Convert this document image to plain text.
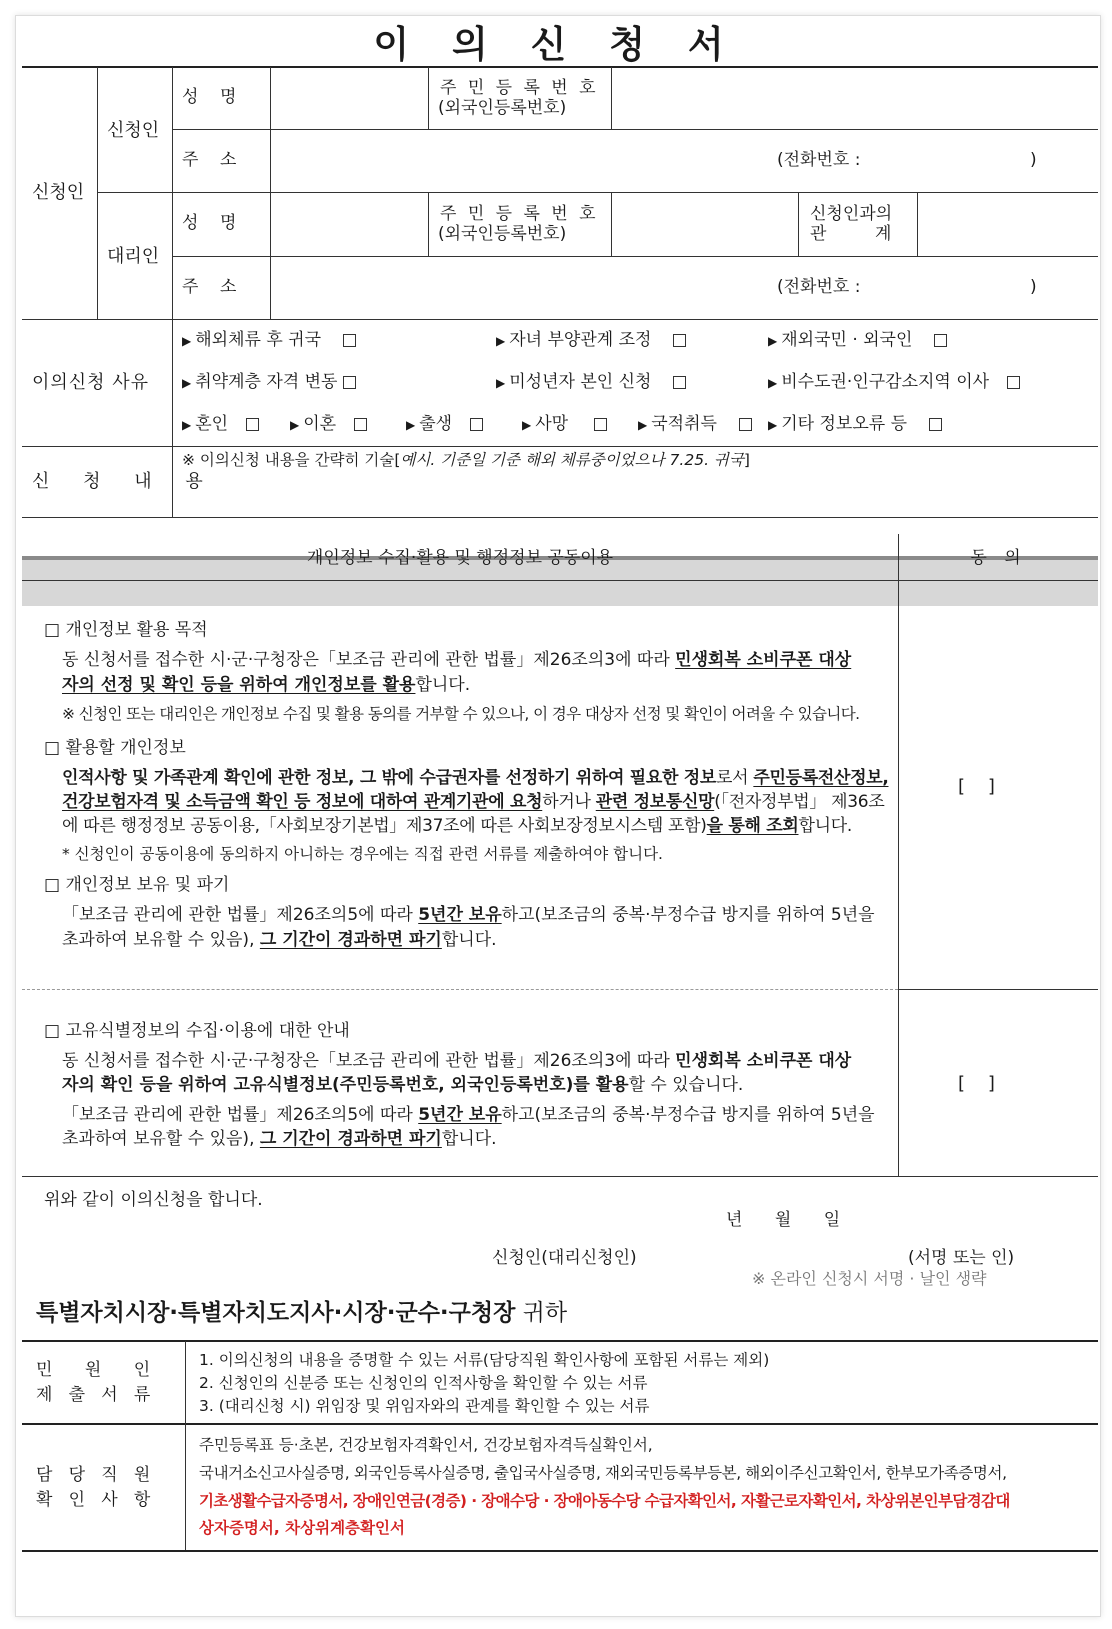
이 의 신 청 서
신청인
신청인
성    명	주 민 등 록 번 호
(외국인등록번호)
주    소	(전화번호 :	)
대리인
성    명	주 민 등 록 번 호
(외국인등록번호)
신청인과의
관         계
주    소	(전화번호 :	)
이의신청 사유
▶ 해외체류 후 귀국	▶ 자녀 부양관계 조정	▶ 재외국민 · 외국인
▶ 취약계층 자격 변동	▶ 미성년자 본인 신청	▶ 비수도권·인구감소지역 이사
▶ 혼인	▶ 이혼	▶ 출생	▶ 사망	▶ 국적취득	▶ 기타 정보오류 등
신 청 내 용
※ 이의신청 내용을 간략히 기술[예시. 기준일 기준 해외 체류중이었으나 7.25. 귀국]
개인정보 수집·활용 및 행정정보 공동이용	동 의
□ 개인정보 활용 목적
동 신청서를 접수한 시·군·구청장은「보조금 관리에 관한 법률」제26조의3에 따라 민생회복 소비쿠폰 대상
자의 선정 및 확인 등을 위하여 개인정보를 활용합니다.
※ 신청인 또는 대리인은 개인정보 수집 및 활용 동의를 거부할 수 있으나, 이 경우 대상자 선정 및 확인이 어려울 수 있습니다.
□ 활용할 개인정보
인적사항 및 가족관계 확인에 관한 정보, 그 밖에 수급권자를 선정하기 위하여 필요한 정보로서 주민등록전산정보,
건강보험자격 및 소득금액 확인 등 정보에 대하여 관계기관에 요청하거나 관련 정보통신망(「전자정부법」 제36조
에 따른 행정정보 공동이용,「사회보장기본법」제37조에 따른 사회보장정보시스템 포함)을 통해 조회합니다.
* 신청인이 공동이용에 동의하지 아니하는 경우에는 직접 관련 서류를 제출하여야 합니다.
□ 개인정보 보유 및 파기
「보조금 관리에 관한 법률」제26조의5에 따라 5년간 보유하고(보조금의 중복·부정수급 방지를 위하여 5년을
초과하여 보유할 수 있음), 그 기간이 경과하면 파기합니다.
[    ]
□ 고유식별정보의 수집·이용에 대한 안내
동 신청서를 접수한 시·군·구청장은「보조금 관리에 관한 법률」제26조의3에 따라 민생회복 소비쿠폰 대상
자의 확인 등을 위하여 고유식별정보(주민등록번호, 외국인등록번호)를 활용할 수 있습니다.
「보조금 관리에 관한 법률」제26조의5에 따라 5년간 보유하고(보조금의 중복·부정수급 방지를 위하여 5년을
초과하여 보유할 수 있음), 그 기간이 경과하면 파기합니다.
[    ]
위와 같이 이의신청을 합니다.
년      월      일
신청인(대리신청인)	(서명 또는 인)
※ 온라인 신청시 서명 · 날인 생략
특별자치시장·특별자치도지사·시장·군수·구청장 귀하
민      원      인
제   출   서   류
1. 이의신청의 내용을 증명할 수 있는 서류(담당직원 확인사항에 포함된 서류는 제외)
2. 신청인의 신분증 또는 신청인의 인적사항을 확인할 수 있는 서류
3. (대리신청 시) 위임장 및 위임자와의 관계를 확인할 수 있는 서류
담   당   직   원
확   인   사   항
주민등록표 등·초본, 건강보험자격확인서, 건강보험자격득실확인서,
국내거소신고사실증명, 외국인등록사실증명, 출입국사실증명, 재외국민등록부등본, 해외이주신고확인서, 한부모가족증명서,
기초생활수급자증명서, 장애인연금(경증) · 장애수당 · 장애아동수당 수급자확인서, 자활근로자확인서, 차상위본인부담경감대
상자증명서, 차상위계층확인서
